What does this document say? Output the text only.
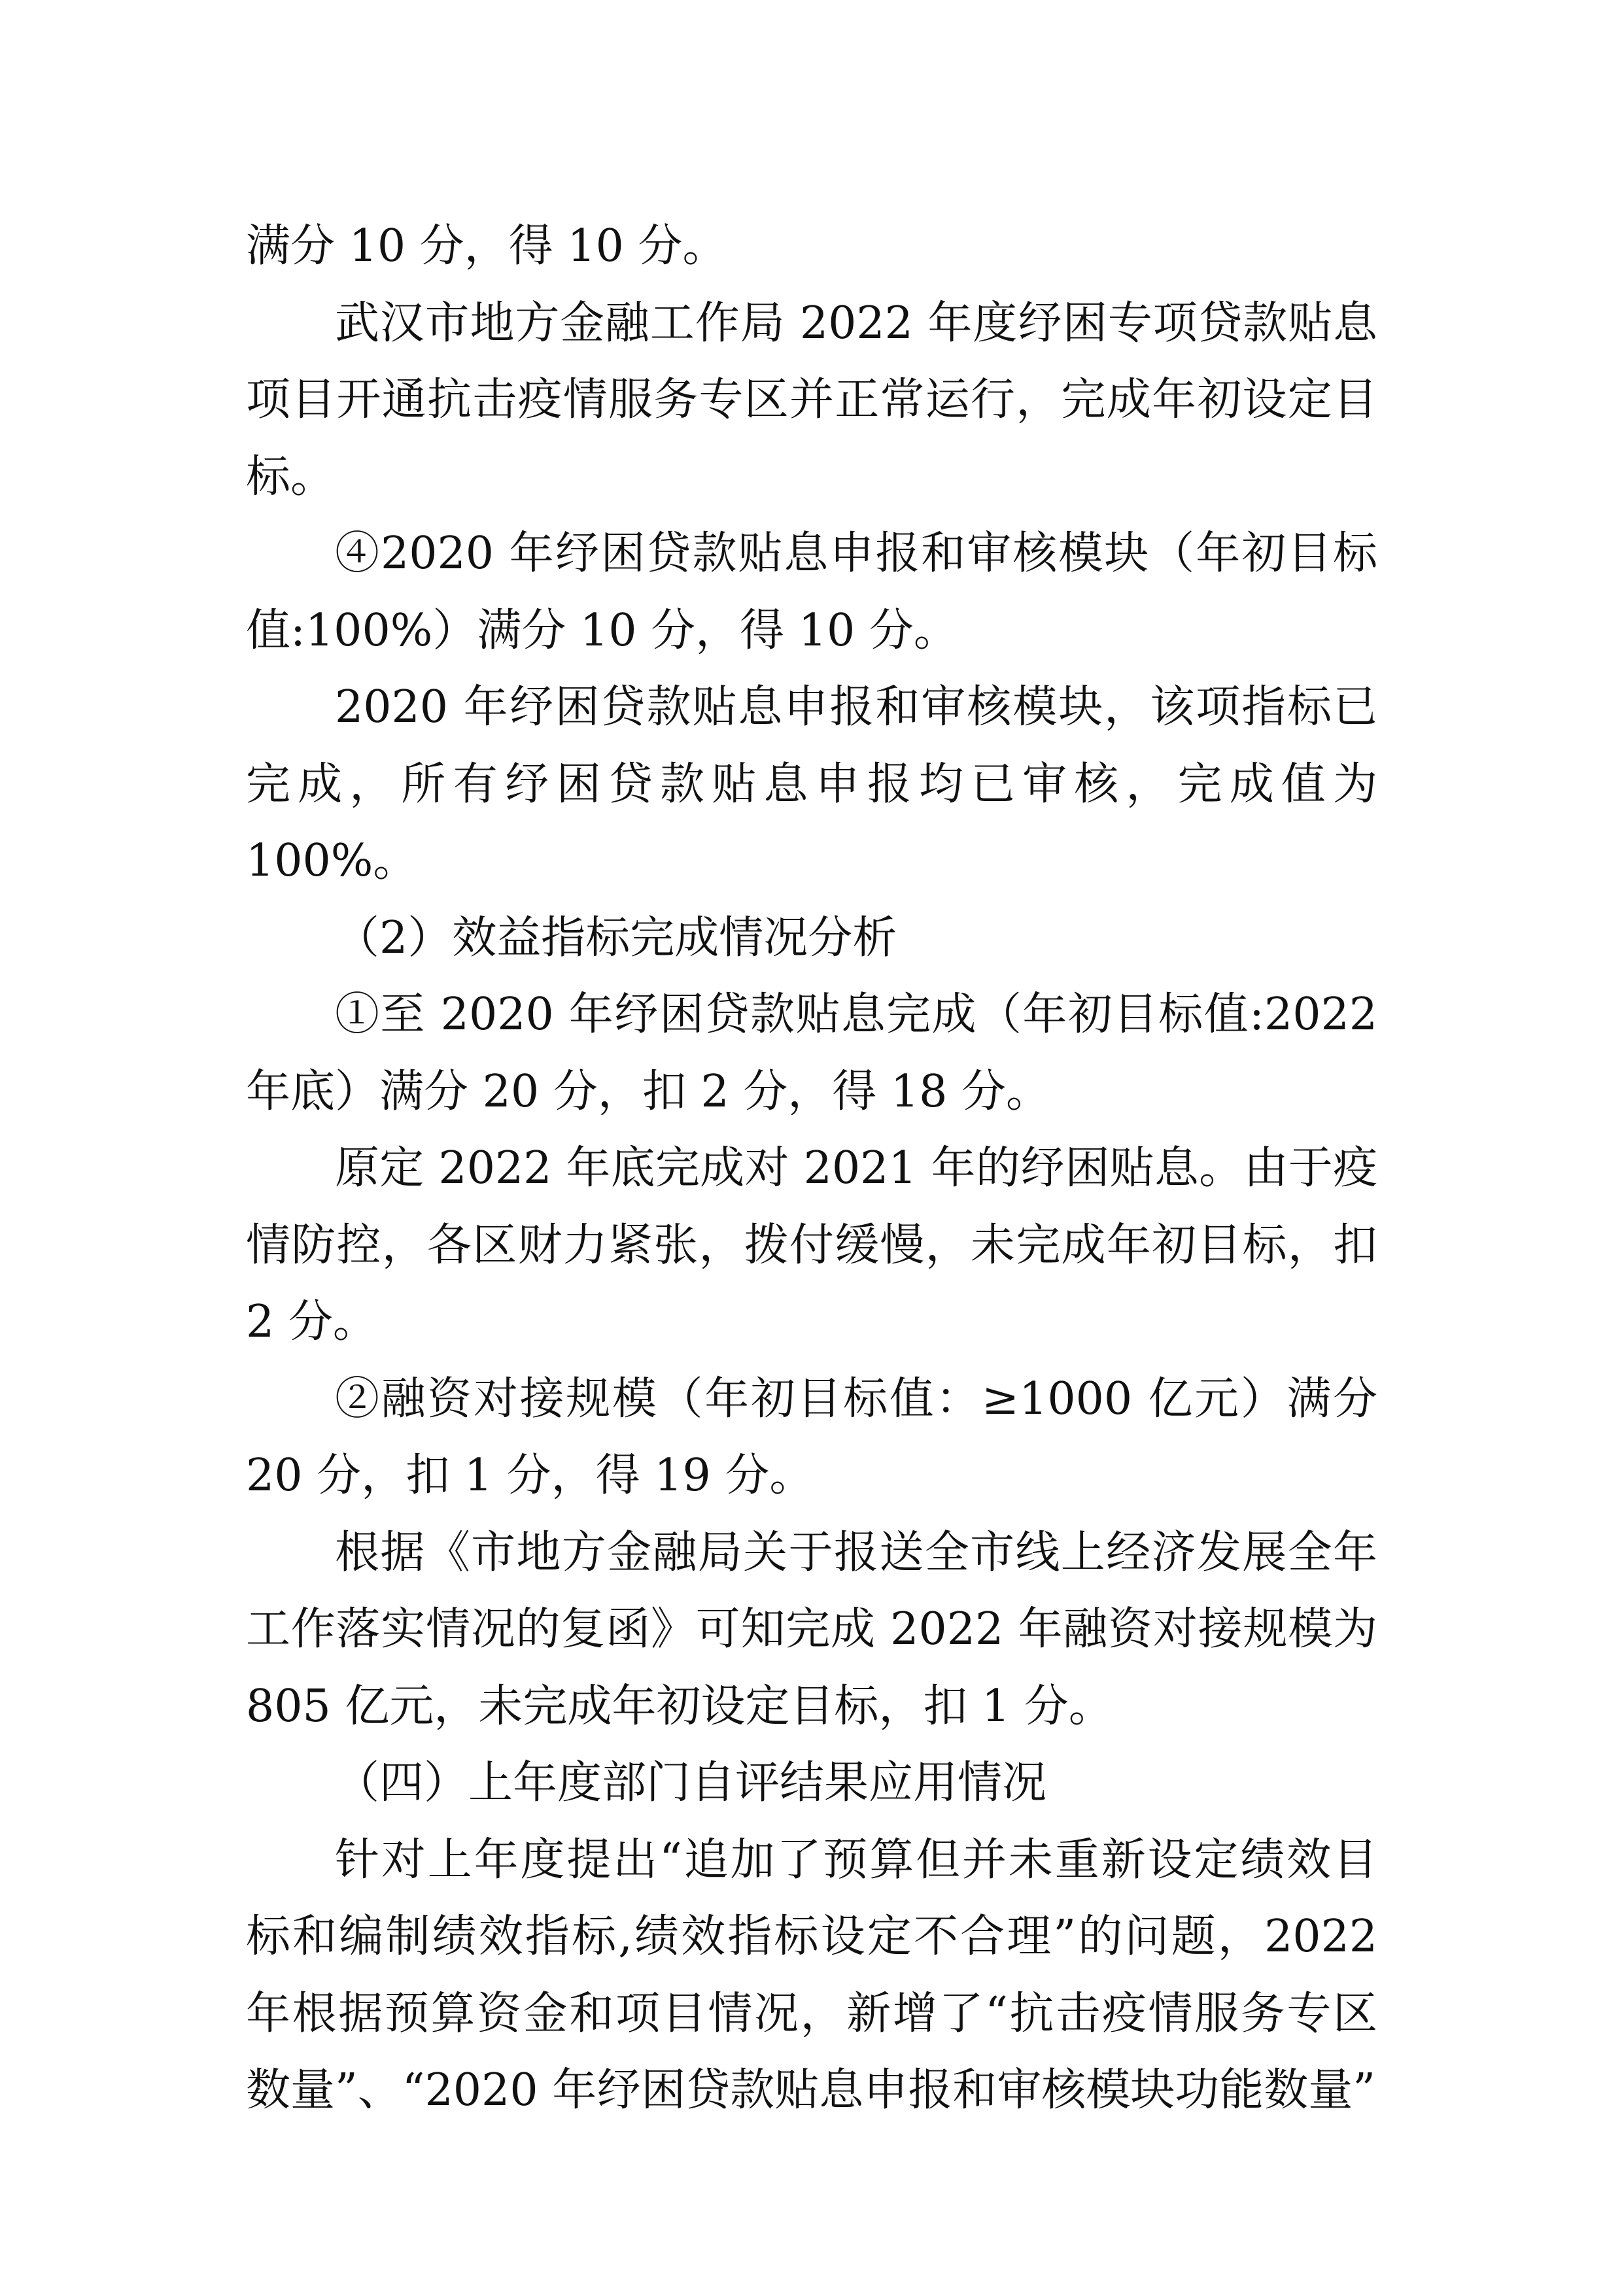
满分 10 分，得 10 分。

武汉市地方金融工作局 2022 年度纾困专项贷款贴息项目开通抗击疫情服务专区并正常运行，完成年初设定目标。

④2020 年纾困贷款贴息申报和审核模块（年初目标值:100%）满分 10 分，得 10 分。

2020 年纾困贷款贴息申报和审核模块，该项指标已完成，所有纾困贷款贴息申报均已审核，完成值为 100%。

（2）效益指标完成情况分析

①至 2020 年纾困贷款贴息完成（年初目标值:2022 年底）满分 20 分，扣 2 分，得 18 分。

原定 2022 年底完成对 2021 年的纾困贴息。由于疫情防控，各区财力紧张，拨付缓慢，未完成年初目标，扣 2 分。

②融资对接规模（年初目标值：≥1000 亿元）满分 20 分，扣 1 分，得 19 分。

根据《市地方金融局关于报送全市线上经济发展全年工作落实情况的复函》可知完成 2022 年融资对接规模为 805 亿元，未完成年初设定目标，扣 1 分。

（四）上年度部门自评结果应用情况

针对上年度提出“追加了预算但并未重新设定绩效目标和编制绩效指标,绩效指标设定不合理”的问题，2022 年根据预算资金和项目情况，新增了“抗击疫情服务专区数量”、“2020 年纾困贷款贴息申报和审核模块功能数量”
